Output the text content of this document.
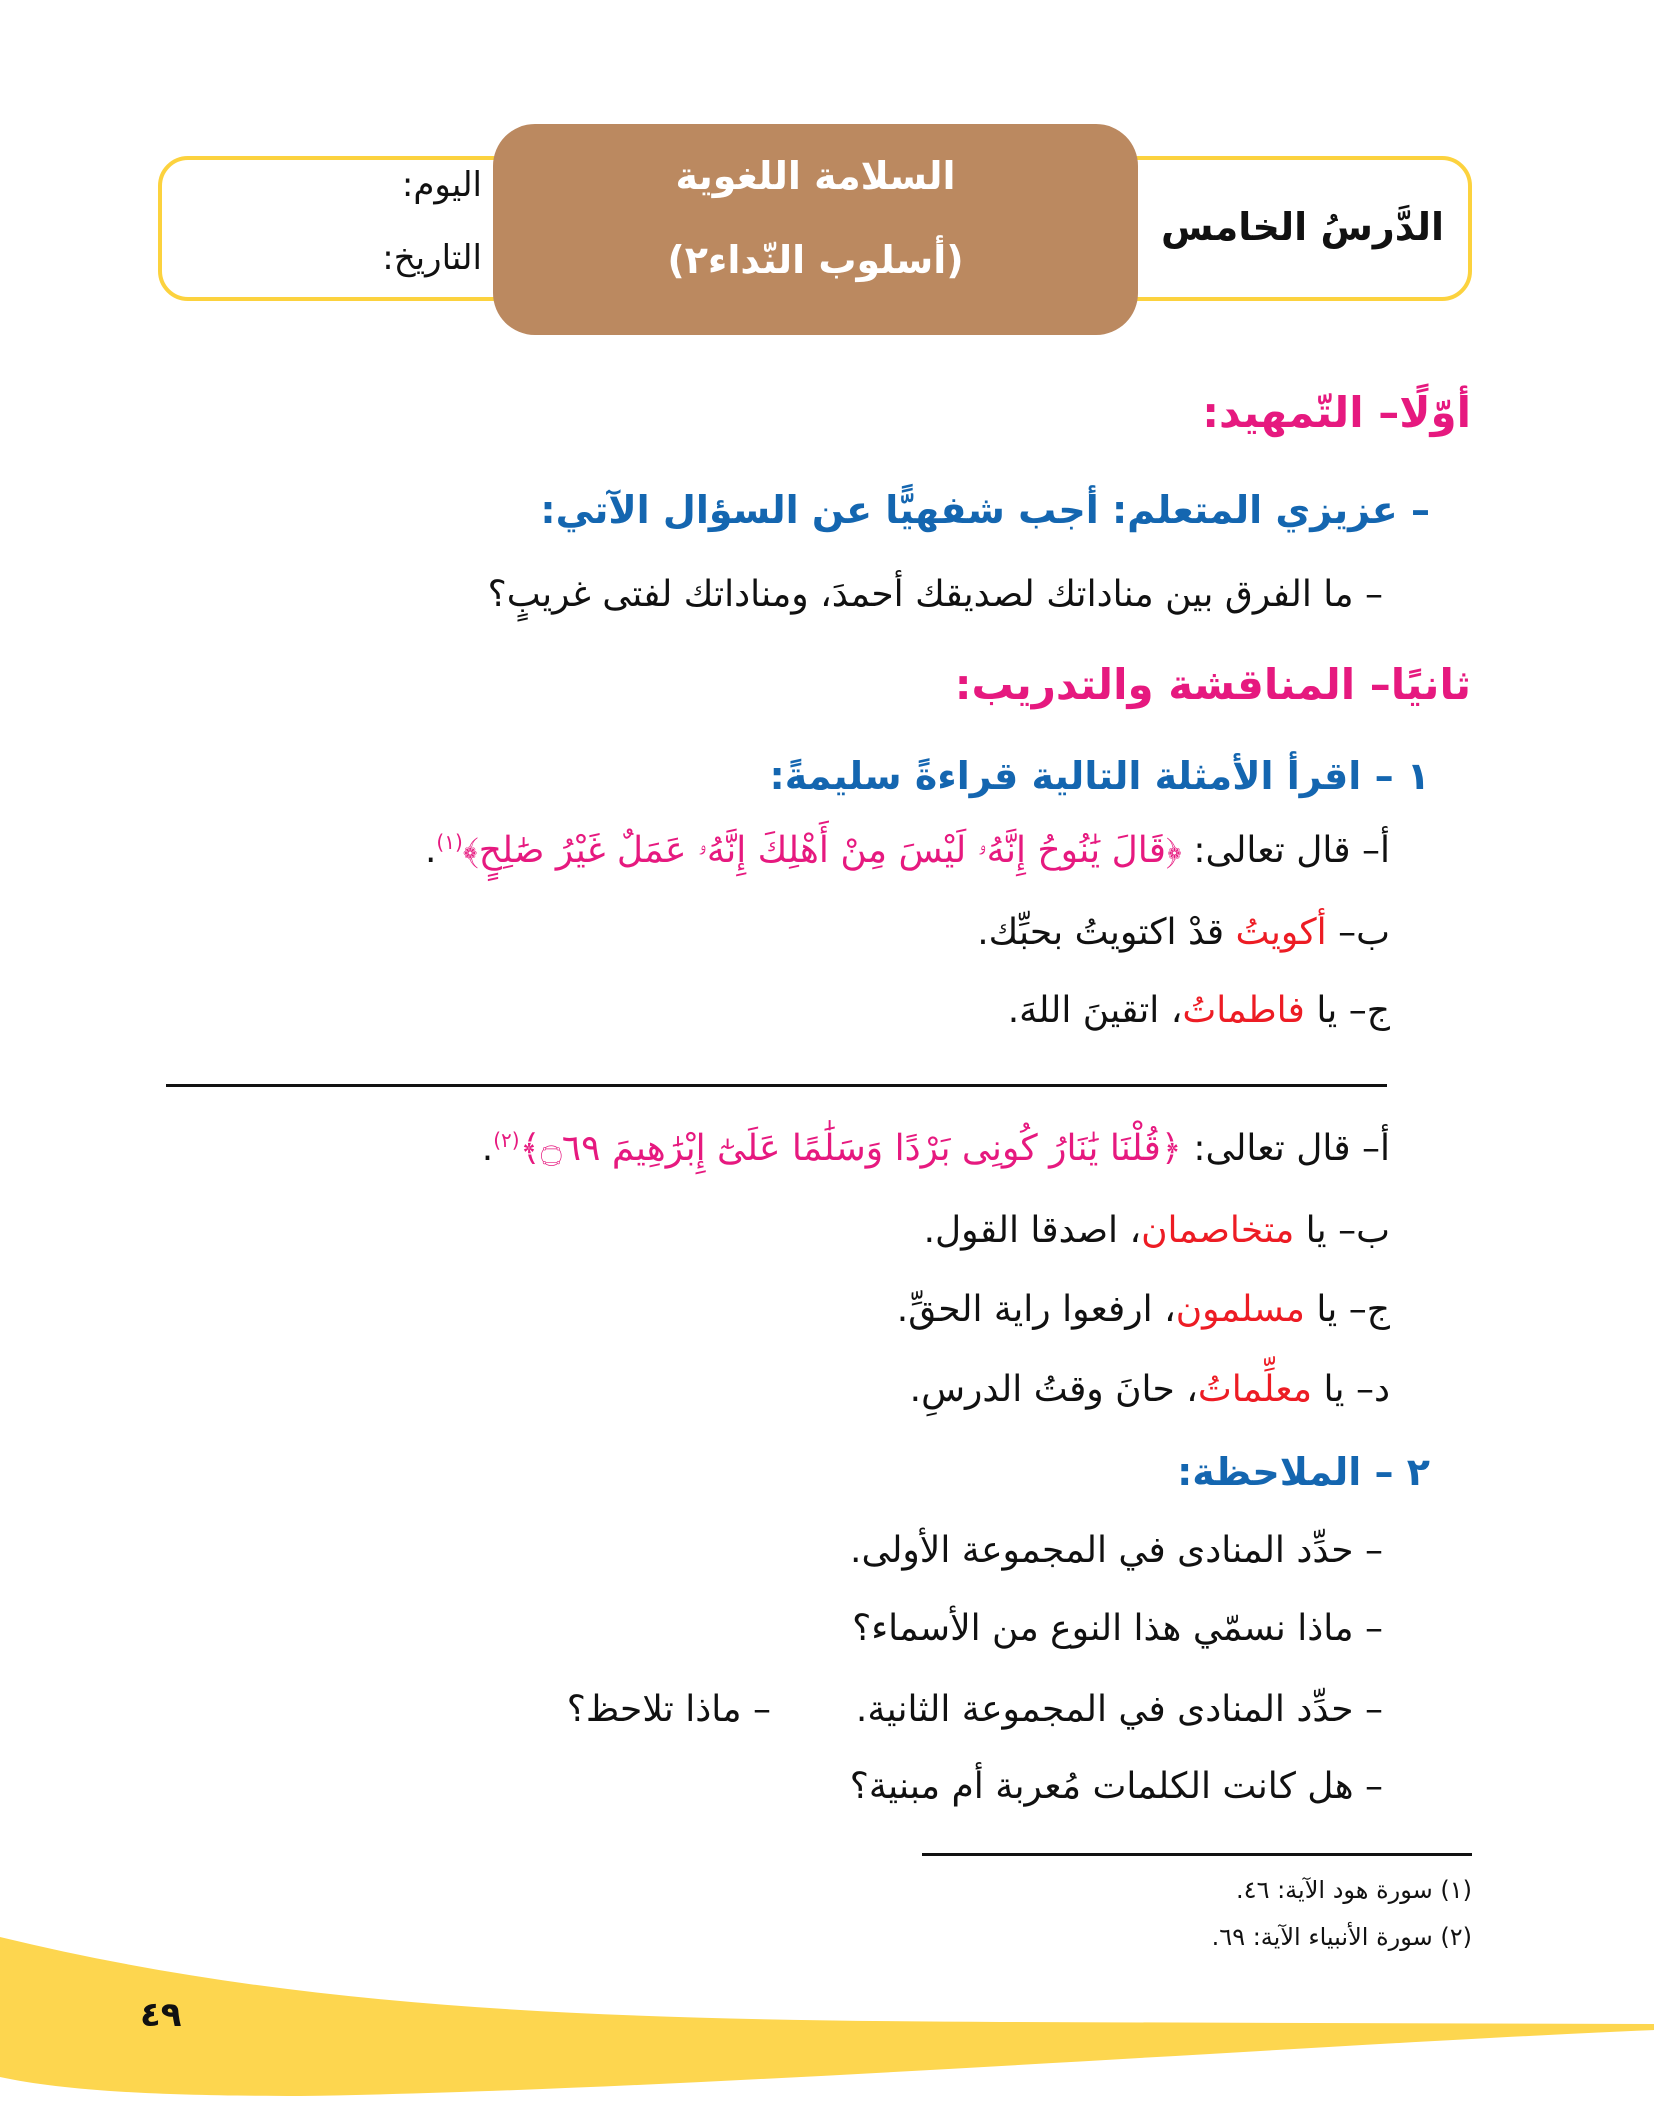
الدَّرسُ الخامس
السلامة اللغوية
(أسلوب النّداء٢)
اليوم:
التاريخ:
أوّلًا– التّمهيد:
– عزيزي المتعلم: أجب شفهيًّا عن السؤال الآتي:
– ما الفرق بين مناداتك لصديقك أحمدَ، ومناداتك لفتى غريبٍ؟
ثانيًا– المناقشة والتدريب:
١ – اقرأ الأمثلة التالية قراءةً سليمةً:
أ– قال تعالى: ﴿قَالَ يَٰنُوحُ إِنَّهُۥ لَيْسَ مِنْ أَهْلِكَ إِنَّهُۥ عَمَلٌ غَيْرُ صَٰلِحٍ﴾$^{(١)}$.
ب– أكويتُ قدْ اكتويتُ بحبِّك.
ج– يا فاطماتُ، اتقينَ اللهَ.
أ– قال تعالى: ﴿قُلْنَا يَٰنَارُ كُونِى بَرْدًا وَسَلَٰمًا عَلَىٰٓ إِبْرَٰهِيمَ ۝٦٩﴾$^{(٢)}$.
ب– يا متخاصمان، اصدقا القول.
ج– يا مسلمون، ارفعوا راية الحقِّ.
د– يا معلِّماتُ، حانَ وقتُ الدرسِ.
٢ – الملاحظة:
– حدِّد المنادى في المجموعة الأولى.
– ماذا نسمّي هذا النوع من الأسماء؟
– حدِّد المنادى في المجموعة الثانية.
– ماذا تلاحظ؟
– هل كانت الكلمات مُعربة أم مبنية؟
(١) سورة هود الآية: ٤٦.
(٢) سورة الأنبياء الآية: ٦٩.
٤٩
